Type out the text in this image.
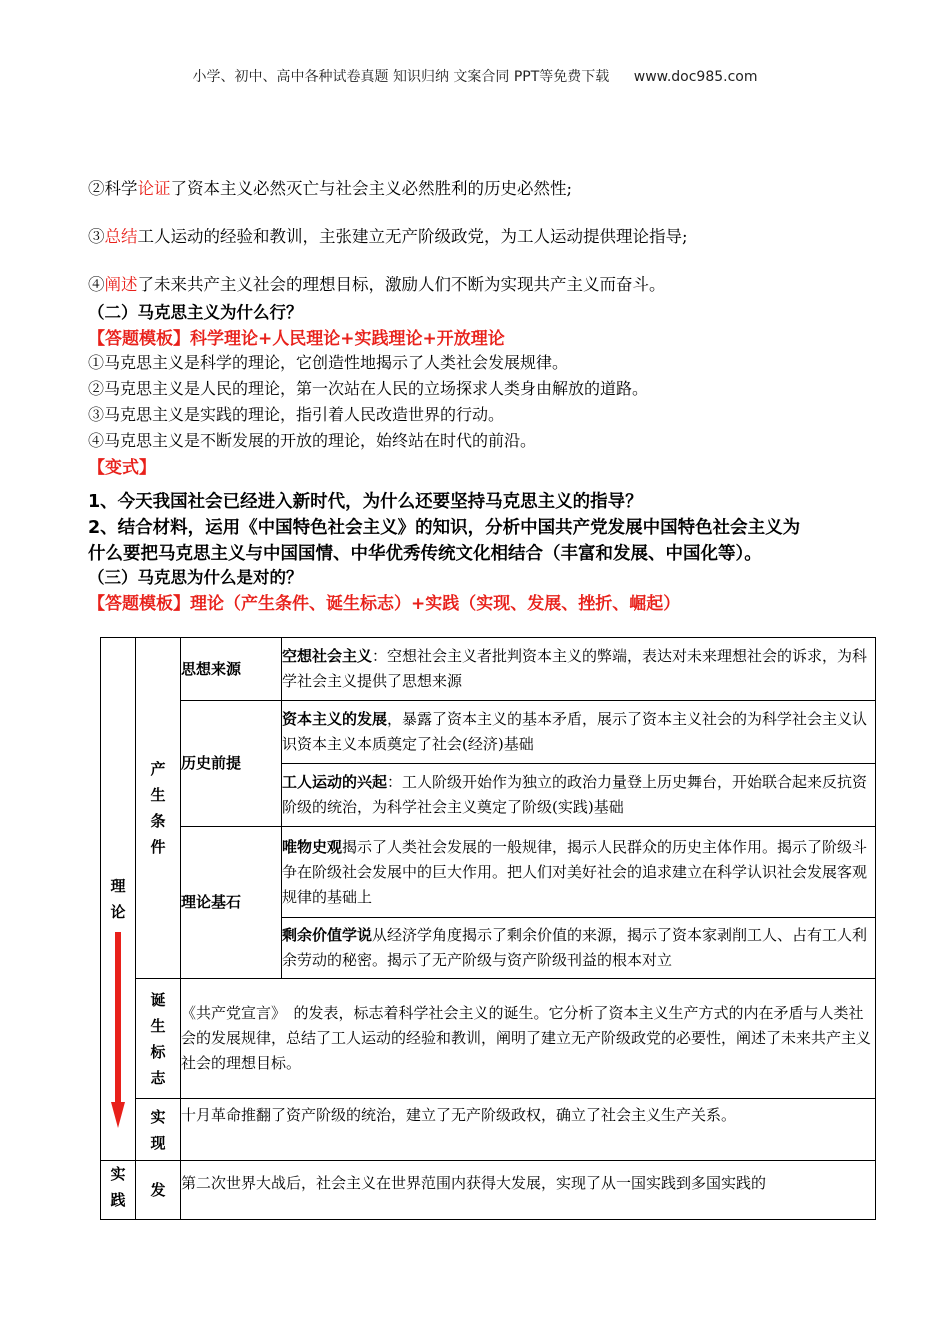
小学、初中、高中各种试卷真题 知识归纳 文案合同 PPT等免费下载 www.doc985.com
②科学论证了资本主义必然灭亡与社会主义必然胜利的历史必然性;
③总结工人运动的经验和教训，主张建立无产阶级政党，为工人运动提供理论指导;
④阐述了未来共产主义社会的理想目标，激励人们不断为实现共产主义而奋斗。
（二）马克思主义为什么行？
【答题模板】科学理论+人民理论+实践理论+开放理论
①马克思主义是科学的理论，它创造性地揭示了人类社会发展规律。
②马克思主义是人民的理论，第一次站在人民的立场探求人类身由解放的道路。
③马克思主义是实践的理论，指引着人民改造世界的行动。
④马克思主义是不断发展的开放的理论，始终站在时代的前沿。
【变式】
1、今天我国社会已经进入新时代，为什么还要坚持马克思主义的指导？
2、结合材料，运用《中国特色社会主义》的知识，分析中国共产党发展中国特色社会主义为
什么要把马克思主义与中国国情、中华优秀传统文化相结合（丰富和发展、中国化等）。
（三）马克思为什么是对的？
【答题模板】理论（产生条件、诞生标志）+实践（实现、发展、挫折、崛起）
理论	产生条件	思想来源	空想社会主义：空想社会主义者批判资本主义的弊端，表达对未来理想社会的诉求，为科学社会主义提供了思想来源
		历史前提	资本主义的发展，暴露了资本主义的基本矛盾，展示了资本主义社会的为科学社会主义认识资本主义本质奠定了社会(经济)基础
			工人运动的兴起：工人阶级开始作为独立的政治力量登上历史舞台，开始联合起来反抗资阶级的统治，为科学社会主义奠定了阶级(实践)基础
		理论基石	唯物史观揭示了人类社会发展的一般规律，揭示人民群众的历史主体作用。揭示了阶级斗争在阶级社会发展中的巨大作用。把人们对美好社会的追求建立在科学认识社会发展客观规律的基础上
			剩余价值学说从经济学角度揭示了剩余价值的来源，揭示了资本家剥削工人、占有工人利余劳动的秘密。揭示了无产阶级与资产阶级刊益的根本对立
	诞生标志	《共产党宣言》　的发表，标志着科学社会主义的诞生。它分析了资本主义生产方式的内在矛盾与人类社会的发展规律，总结了工人运动的经验和教训，阐明了建立无产阶级政党的必要性，阐述了未来共产主义社会的理想目标。	
	实现	十月革命推翻了资产阶级的统治，建立了无产阶级政权，确立了社会主义生产关系。	
实践	发	第二次世界大战后，社会主义在世界范围内获得大发展，实现了从一国实践到多国实践的	
